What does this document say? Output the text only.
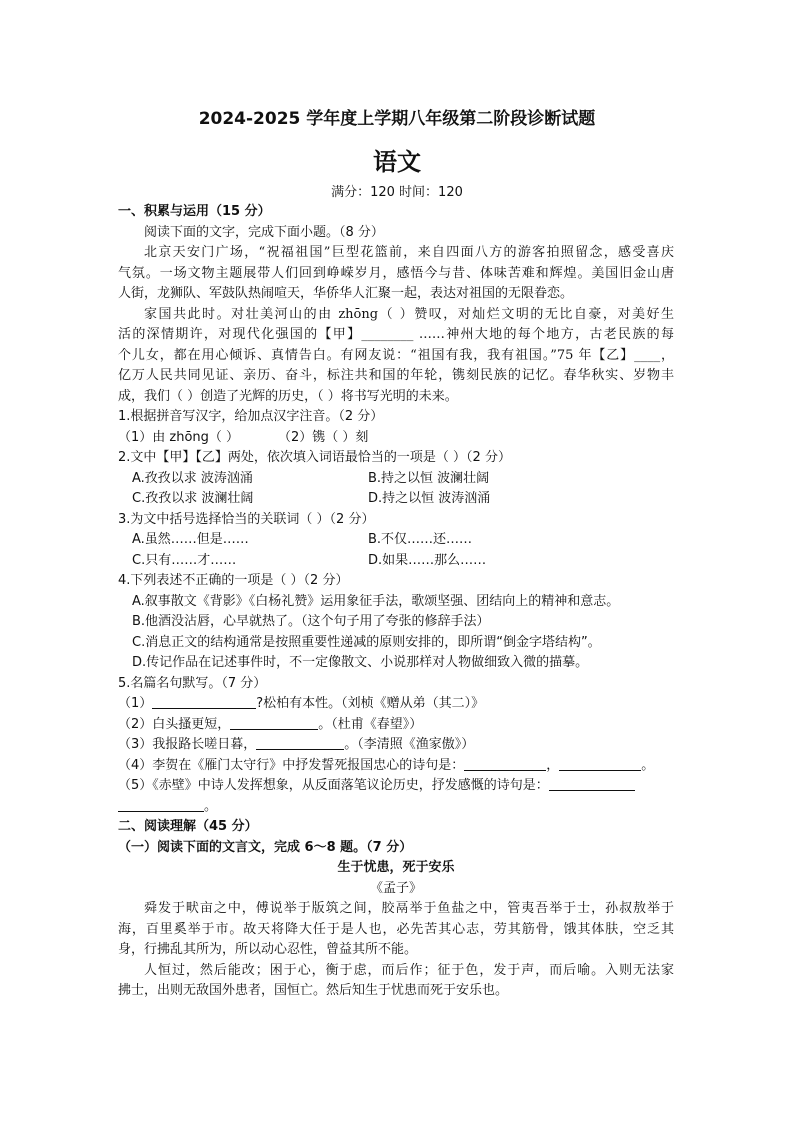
2024-2025 学年度上学期八年级第二阶段诊断试题
语文
满分：120 时间：120

一、积累与运用（15 分）

阅读下面的文字，完成下面小题。（8 分）

北京天安门广场，“祝福祖国”巨型花篮前，来自四面八方的游客拍照留念，感受喜庆

气氛。一场文物主题展带人们回到峥嵘岁月，感悟今与昔、体味苦难和辉煌。美国旧金山唐

人街，龙狮队、军鼓队热闹喧天，华侨华人汇聚一起，表达对祖国的无限眷恋。

家国共此时。对壮美河山的由 zhōng（ ）赞叹，对灿烂文明的无比自豪，对美好生

活的深情期许，对现代化强国的【甲】________ ……神州大地的每个地方，古老民族的每

个儿女，都在用心倾诉、真情告白。有网友说：“祖国有我，我有祖国。”75 年【乙】____，

亿万人民共同见证、亲历、奋斗，标注共和国的年轮，镌刻民族的记忆。春华秋实、岁物丰

成，我们（ ）创造了光辉的历史，（ ）将书写光明的未来。

1.根据拼音写汉字，给加点汉字注音。（2 分）

（1）由 zhōng（ ）	（2）镌（ ）刻

2.文中【甲】【乙】两处，依次填入词语最恰当的一项是（ ）（2 分）

A.孜孜以求 波涛汹涌	B.持之以恒 波澜壮阔
C.孜孜以求 波澜壮阔	D.持之以恒 波涛汹涌

3.为文中括号选择恰当的关联词（ ）（2 分）

A.虽然……但是……	B.不仅……还……
C.只有……才……	D.如果……那么……

4.下列表述不正确的一项是（ ）（2 分）

A.叙事散文《背影》《白杨礼赞》运用象征手法，歌颂坚强、团结向上的精神和意志。

B.他酒没沾唇，心早就热了。（这个句子用了夸张的修辞手法）

C.消息正文的结构通常是按照重要性递减的原则安排的，即所谓“倒金字塔结构”。

D.传记作品在记述事件时，不一定像散文、小说那样对人物做细致入微的描摹。

5.名篇名句默写。（7 分）

（1）	?松柏有本性。（刘桢《赠从弟（其二）》

（2）白头搔更短，	。（杜甫《春望》）

（3）我报路长嗟日暮，	。（李清照《渔家傲》）

（4）李贺在《雁门太守行》中抒发誓死报国忠心的诗句是：	，	。

（5）《赤壁》中诗人发挥想象，从反面落笔议论历史，抒发感慨的诗句是：

。

二、阅读理解（45 分）

（一）阅读下面的文言文，完成 6～8 题。（7 分）

生于忧患，死于安乐

《孟子》

舜发于畎亩之中，傅说举于版筑之间，胶鬲举于鱼盐之中，管夷吾举于士，孙叔敖举于

海，百里奚举于市。故天将降大任于是人也，必先苦其心志，劳其筋骨，饿其体肤，空乏其

身，行拂乱其所为，所以动心忍性，曾益其所不能。

人恒过，然后能改；困于心，衡于虑，而后作；征于色，发于声，而后喻。入则无法家

拂士，出则无敌国外患者，国恒亡。然后知生于忧患而死于安乐也。
